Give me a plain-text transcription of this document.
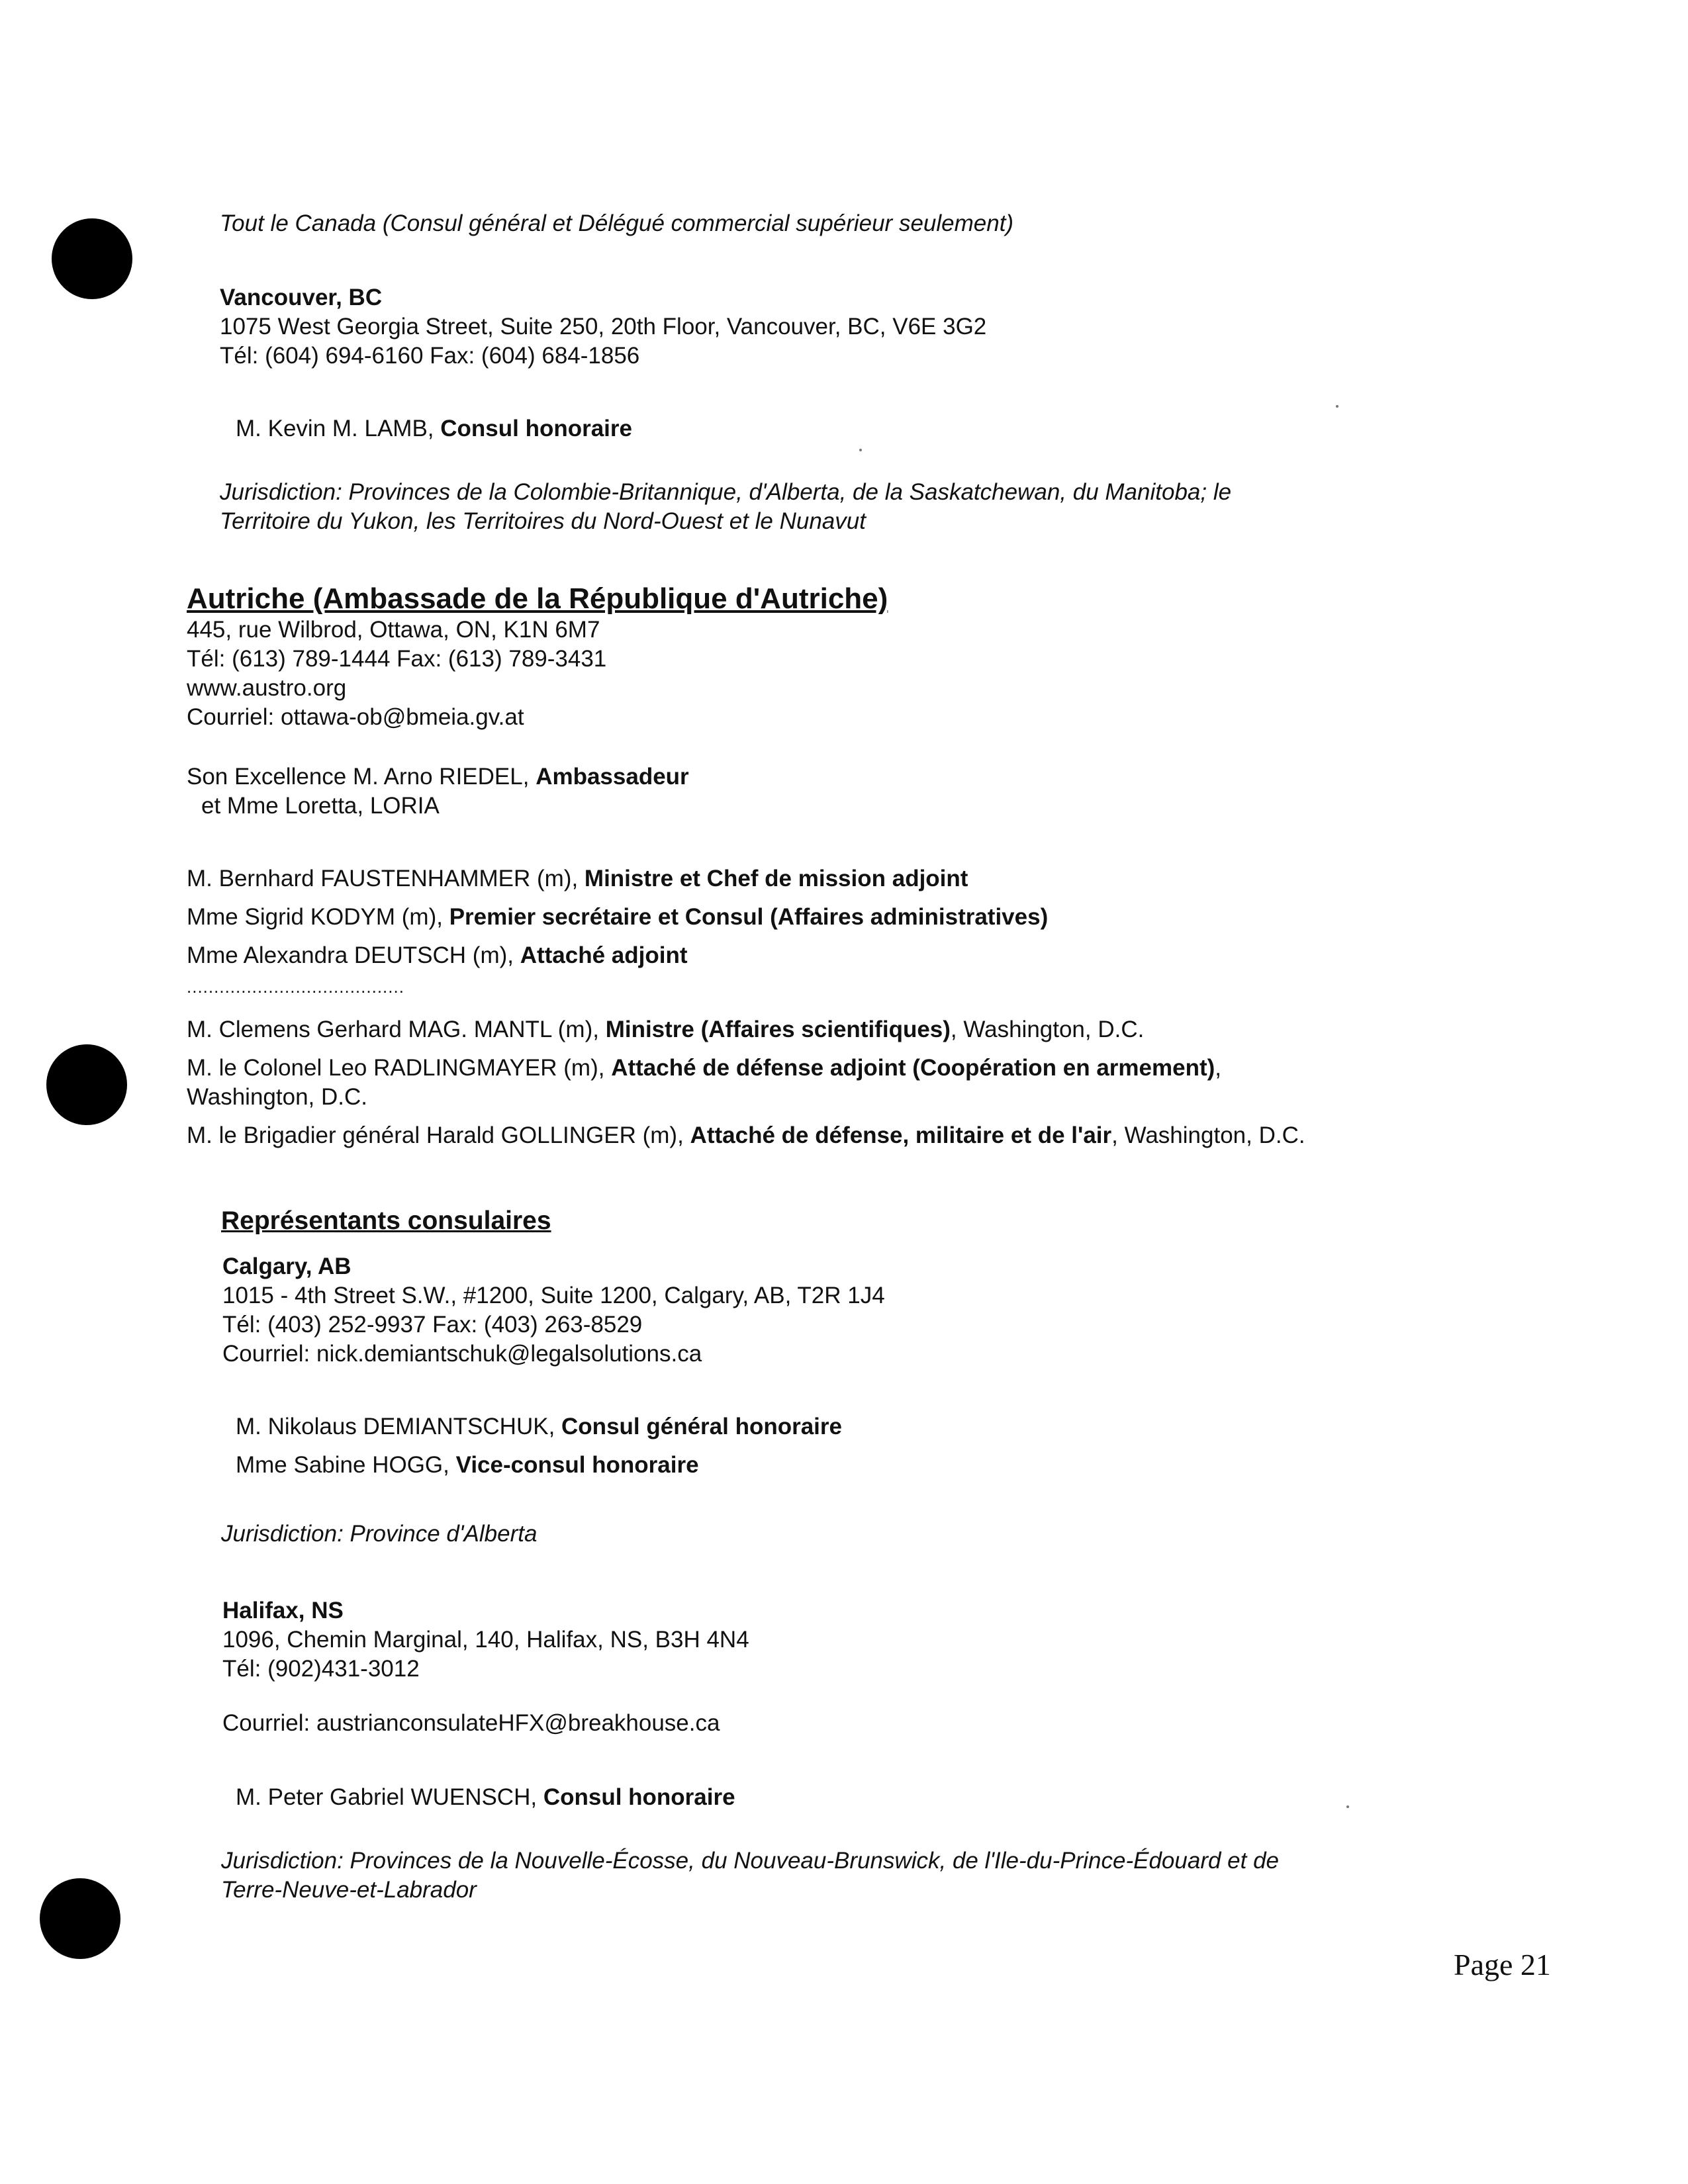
Tout le Canada (Consul général et Délégué commercial supérieur seulement)
Vancouver, BC
1075 West Georgia Street, Suite 250, 20th Floor, Vancouver, BC, V6E 3G2
Tél: (604) 694-6160 Fax: (604) 684-1856
M. Kevin M. LAMB, Consul honoraire
Jurisdiction: Provinces de la Colombie-Britannique, d'Alberta, de la Saskatchewan, du Manitoba; le
Territoire du Yukon, les Territoires du Nord-Ouest et le Nunavut
Autriche (Ambassade de la République d'Autriche)
445, rue Wilbrod, Ottawa, ON, K1N 6M7
Tél: (613) 789-1444 Fax: (613) 789-3431
www.austro.org
Courriel: ottawa-ob@bmeia.gv.at
Son Excellence M. Arno RIEDEL, Ambassadeur
et Mme Loretta, LORIA
M. Bernhard FAUSTENHAMMER (m), Ministre et Chef de mission adjoint
Mme Sigrid KODYM (m), Premier secrétaire et Consul (Affaires administratives)
Mme Alexandra DEUTSCH (m), Attaché adjoint
........................................
M. Clemens Gerhard MAG. MANTL (m), Ministre (Affaires scientifiques), Washington, D.C.
M. le Colonel Leo RADLINGMAYER (m), Attaché de défense adjoint (Coopération en armement),
Washington, D.C.
M. le Brigadier général Harald GOLLINGER (m), Attaché de défense, militaire et de l'air, Washington, D.C.
Représentants consulaires
Calgary, AB
1015 - 4th Street S.W., #1200, Suite 1200, Calgary, AB, T2R 1J4
Tél: (403) 252-9937 Fax: (403) 263-8529
Courriel: nick.demiantschuk@legalsolutions.ca
M. Nikolaus DEMIANTSCHUK, Consul général honoraire
Mme Sabine HOGG, Vice-consul honoraire
Jurisdiction: Province d'Alberta
Halifax, NS
1096, Chemin Marginal, 140, Halifax, NS, B3H 4N4
Tél: (902)431-3012
Courriel: austrianconsulateHFX@breakhouse.ca
M. Peter Gabriel WUENSCH, Consul honoraire
Jurisdiction: Provinces de la Nouvelle-Écosse, du Nouveau-Brunswick, de l'Ile-du-Prince-Édouard et de
Terre-Neuve-et-Labrador
Page 21
